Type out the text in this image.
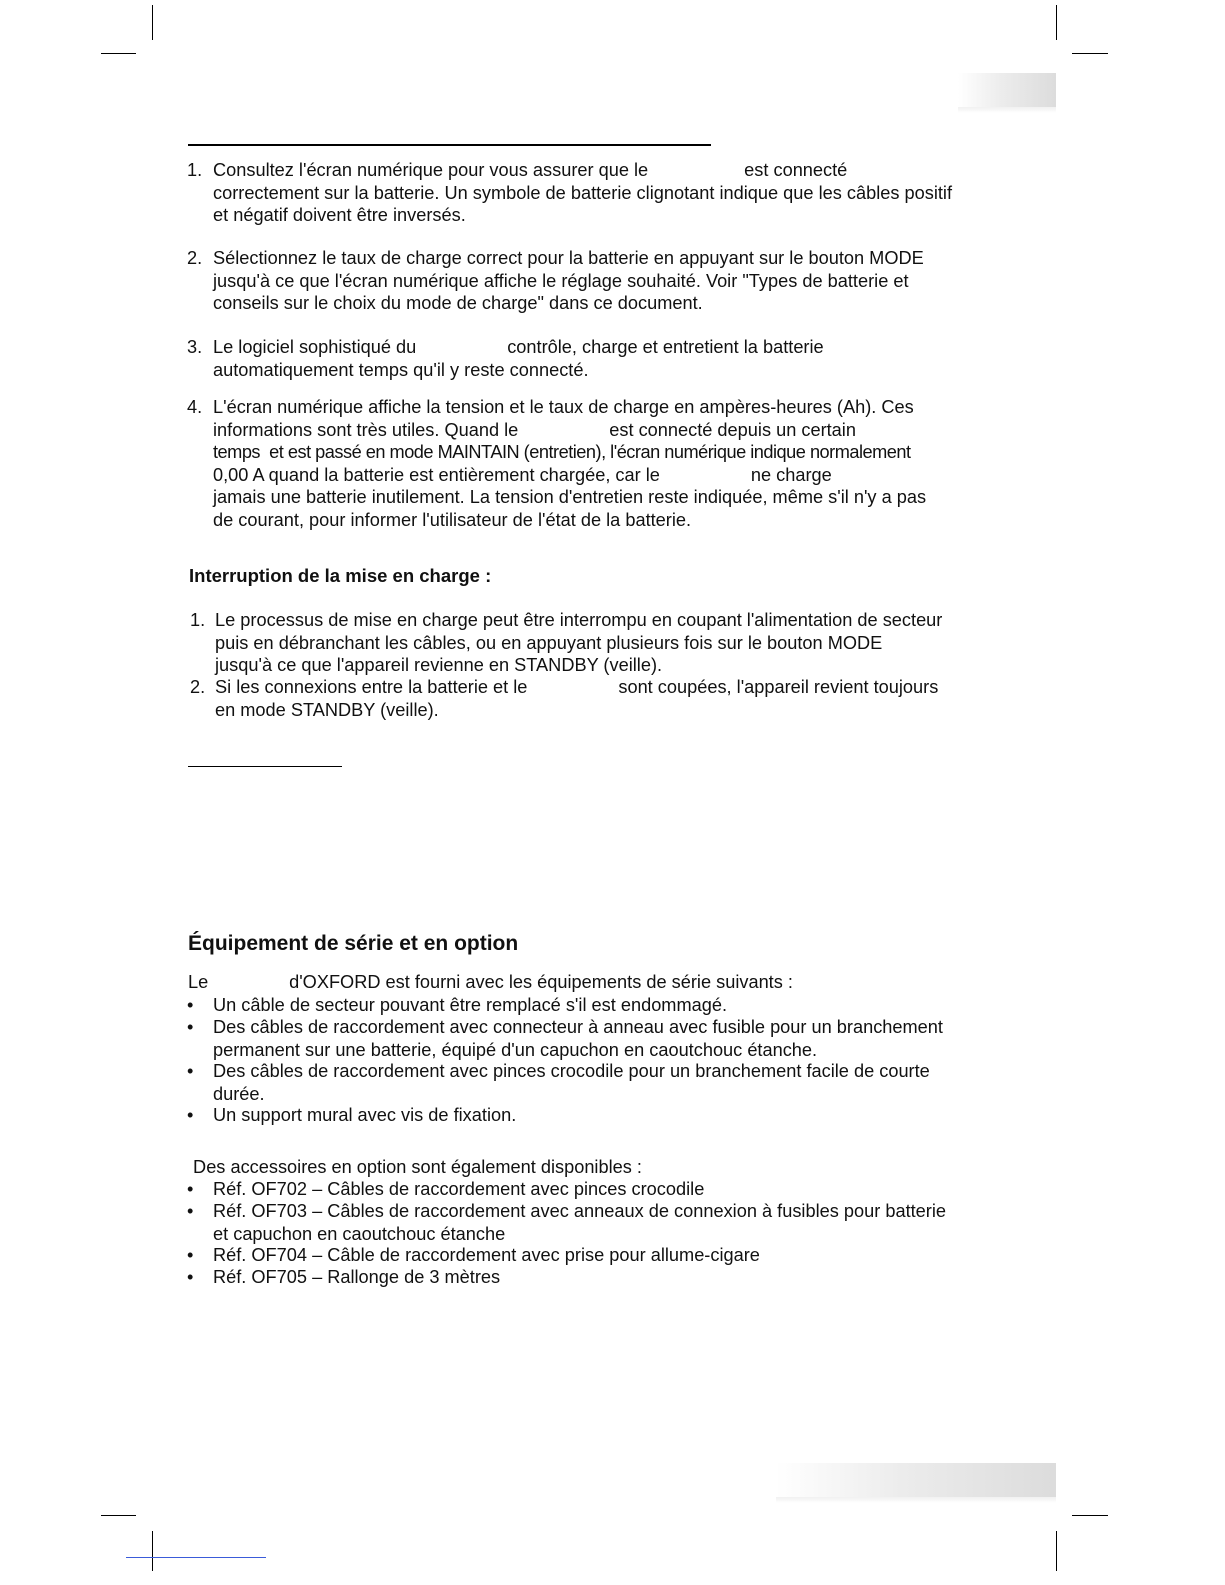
1. Consultez l'écran numérique pour vous assurer que le                   est connecté
correctement sur la batterie. Un symbole de batterie clignotant indique que les câbles positif
et négatif doivent être inversés.

2. Sélectionnez le taux de charge correct pour la batterie en appuyant sur le bouton MODE
jusqu'à ce que l'écran numérique affiche le réglage souhaité. Voir "Types de batterie et
conseils sur le choix du mode de charge" dans ce document.

3. Le logiciel sophistiqué du                  contrôle, charge et entretient la batterie
automatiquement temps qu'il y reste connecté.

4. L'écran numérique affiche la tension et le taux de charge en ampères-heures (Ah). Ces
informations sont très utiles. Quand le                  est connecté depuis un certain
temps  et est passé en mode MAINTAIN (entretien), l'écran numérique indique normalement
0,00 A quand la batterie est entièrement chargée, car le                  ne charge
jamais une batterie inutilement. La tension d'entretien reste indiquée, même s'il n'y a pas
de courant, pour informer l'utilisateur de l'état de la batterie.

Interruption de la mise en charge :
1. Le processus de mise en charge peut être interrompu en coupant l'alimentation de secteur
puis en débranchant les câbles, ou en appuyant plusieurs fois sur le bouton MODE
jusqu'à ce que l'appareil revienne en STANDBY (veille).

2. Si les connexions entre la batterie et le                  sont coupées, l'appareil revient toujours
en mode STANDBY (veille).

Équipement de série et en option

Le                d'OXFORD est fourni avec les équipements de série suivants :

• Un câble de secteur pouvant être remplacé s'il est endommagé.

• Des câbles de raccordement avec connecteur à anneau avec fusible pour un branchement
permanent sur une batterie, équipé d'un capuchon en caoutchouc étanche.

• Des câbles de raccordement avec pinces crocodile pour un branchement facile de courte
durée.

• Un support mural avec vis de fixation.

Des accessoires en option sont également disponibles :

• Réf. OF702 – Câbles de raccordement avec pinces crocodile

• Réf. OF703 – Câbles de raccordement avec anneaux de connexion à fusibles pour batterie
et capuchon en caoutchouc étanche

• Réf. OF704 – Câble de raccordement avec prise pour allume-cigare

• Réf. OF705 – Rallonge de 3 mètres
